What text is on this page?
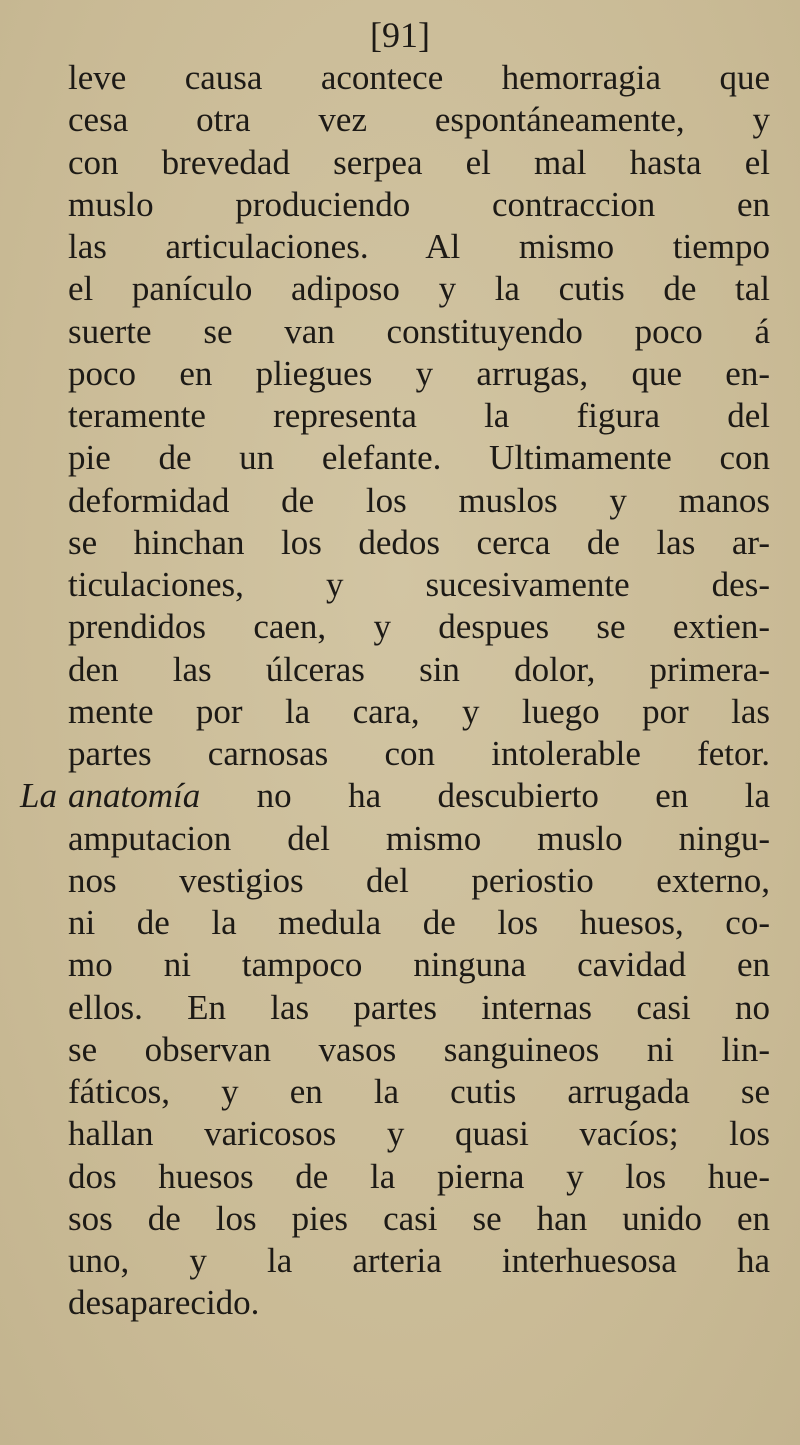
[91]
La
leve causa acontece hemorragia que
cesa otra vez espontáneamente, y
con brevedad serpea el mal hasta el
muslo produciendo contraccion en
las articulaciones. Al mismo tiempo
el panículo adiposo y la cutis de tal
suerte se van constituyendo poco á
poco en pliegues y arrugas, que en-
teramente representa la figura del
pie de un elefante. Ultimamente con
deformidad de los muslos y manos
se hinchan los dedos cerca de las ar-
ticulaciones, y sucesivamente des-
prendidos caen, y despues se extien-
den las úlceras sin dolor, primera-
mente por la cara, y luego por las
partes carnosas con intolerable fetor.
anatomía no ha descubierto en la
amputacion del mismo muslo ningu-
nos vestigios del periostio externo,
ni de la medula de los huesos, co-
mo ni tampoco ninguna cavidad en
ellos. En las partes internas casi no
se observan vasos sanguineos ni lin-
fáticos, y en la cutis arrugada se
hallan varicosos y quasi vacíos; los
dos huesos de la pierna y los hue-
sos de los pies casi se han unido en
uno, y la arteria interhuesosa ha
desaparecido.
